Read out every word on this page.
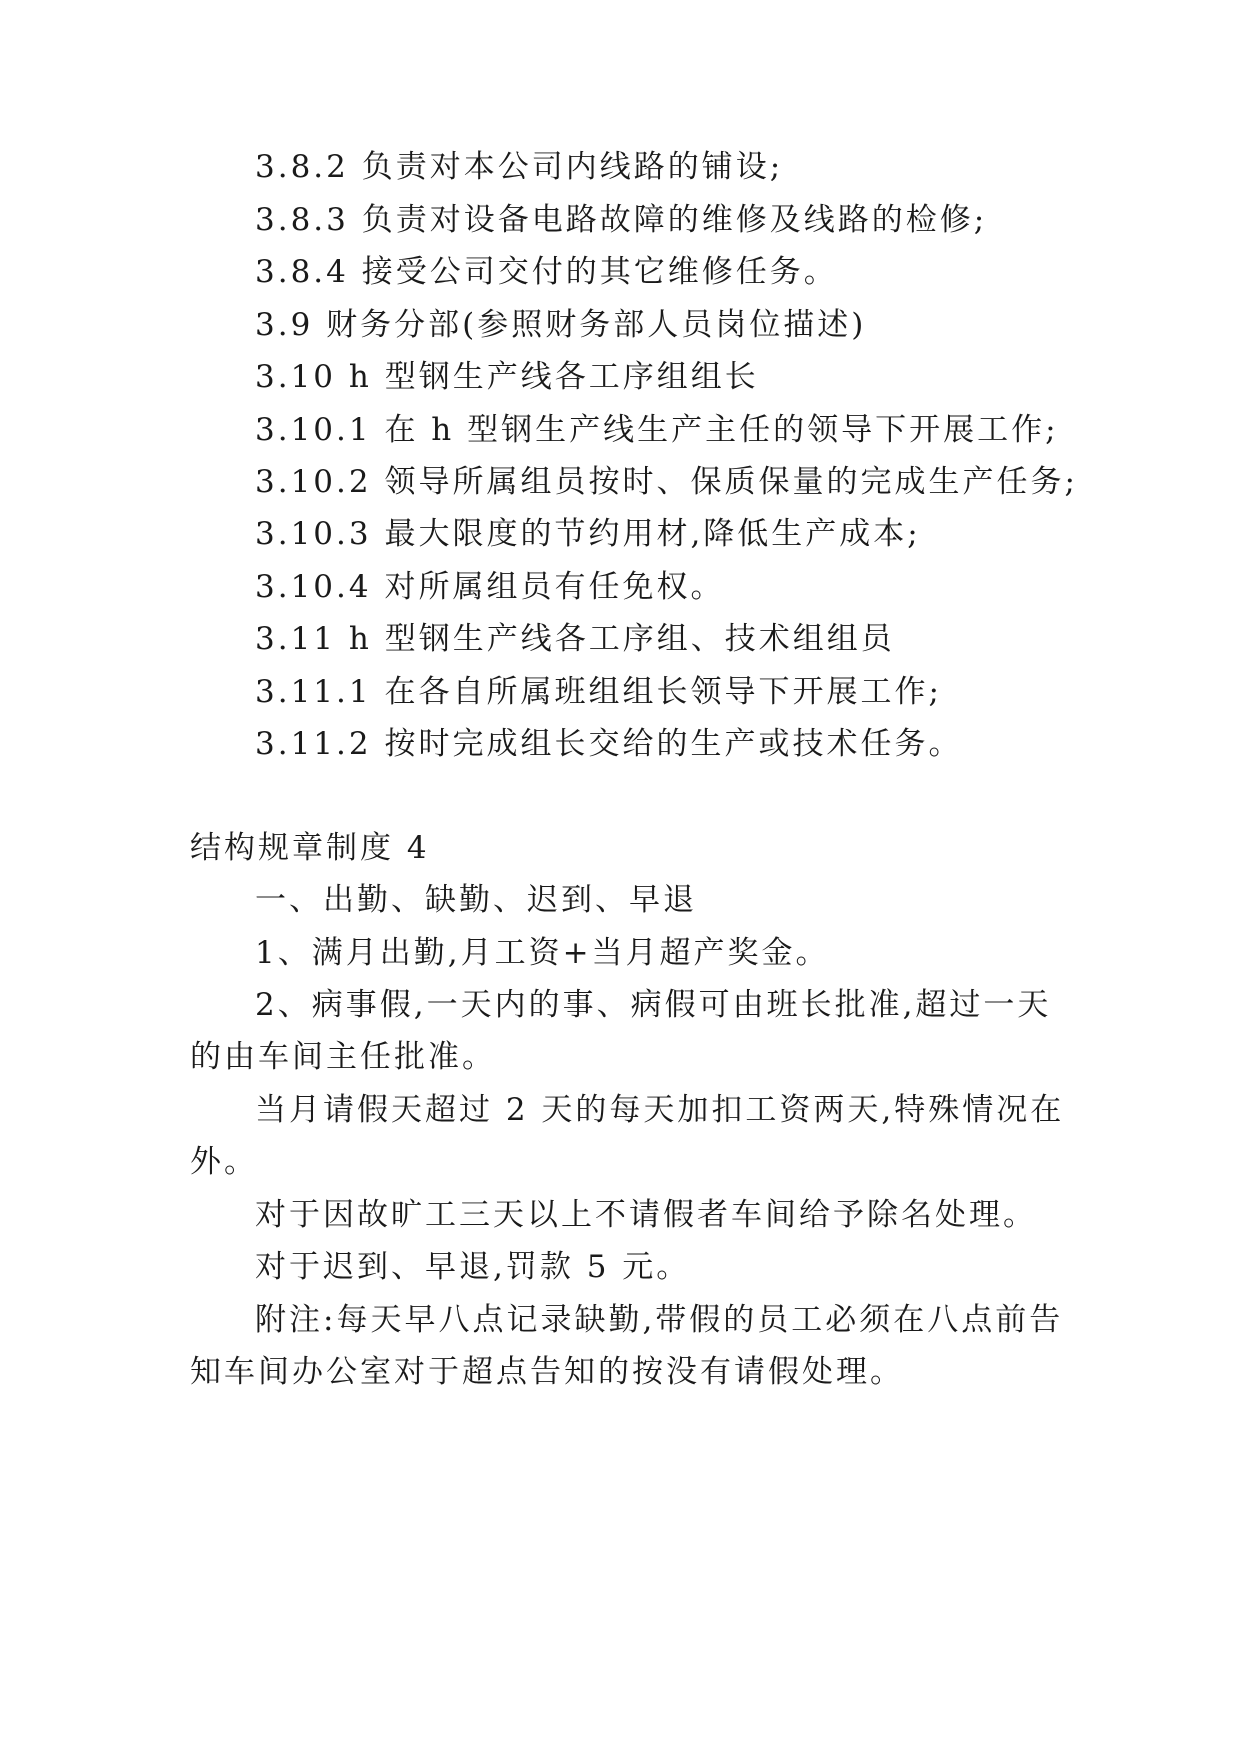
3.8.2 负责对本公司内线路的铺设;
3.8.3 负责对设备电路故障的维修及线路的检修;
3.8.4 接受公司交付的其它维修任务。
3.9 财务分部(参照财务部人员岗位描述)
3.10 h 型钢生产线各工序组组长
3.10.1 在 h 型钢生产线生产主任的领导下开展工作;
3.10.2 领导所属组员按时、保质保量的完成生产任务;
3.10.3 最大限度的节约用材,降低生产成本;
3.10.4 对所属组员有任免权。
3.11 h 型钢生产线各工序组、技术组组员
3.11.1 在各自所属班组组长领导下开展工作;
3.11.2 按时完成组长交给的生产或技术任务。
结构规章制度 4
一、出勤、缺勤、迟到、早退
1、满月出勤,月工资+当月超产奖金。
2、病事假,一天内的事、病假可由班长批准,超过一天
的由车间主任批准。
当月请假天超过 2 天的每天加扣工资两天,特殊情况在
外。
对于因故旷工三天以上不请假者车间给予除名处理。
对于迟到、早退,罚款 5 元。
附注:每天早八点记录缺勤,带假的员工必须在八点前告
知车间办公室对于超点告知的按没有请假处理。
